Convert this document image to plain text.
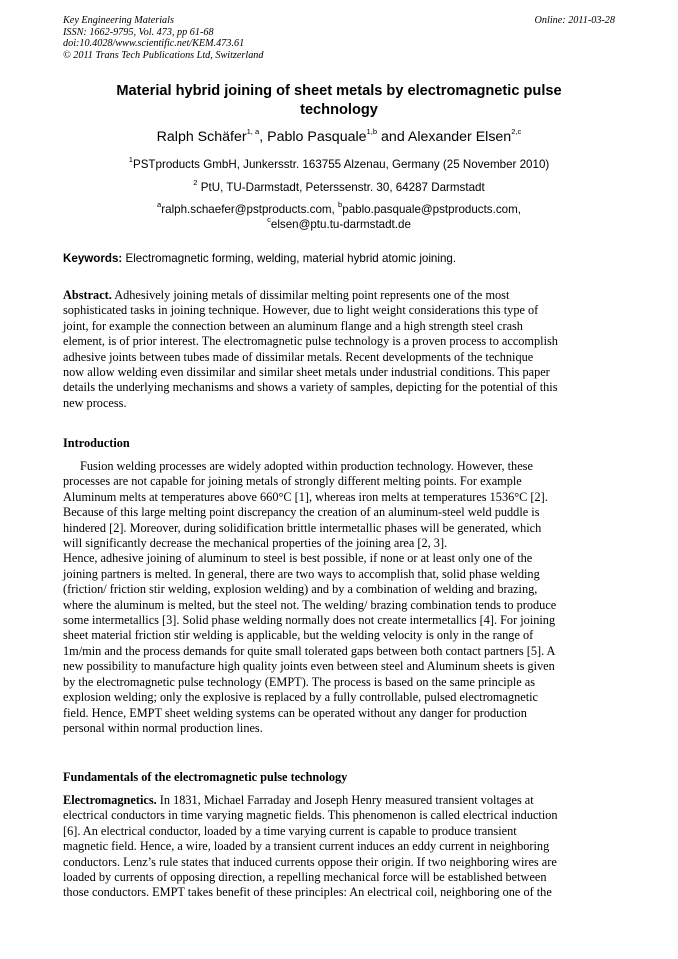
Key Engineering Materials	Online: 2011-03-28
ISSN: 1662-9795, Vol. 473, pp 61-68
doi:10.4028/www.scientific.net/KEM.473.61
© 2011 Trans Tech Publications Ltd, Switzerland
Material hybrid joining of sheet metals by electromagnetic pulse
technology
Ralph Schäfer$^{1, a}$, Pablo Pasquale$^{1,b}$ and Alexander Elsen$^{2,c}$
$^1$PSTproducts GmbH, Junkersstr. 163755 Alzenau, Germany (25 November 2010)
$^2$ PtU, TU-Darmstadt, Peterssenstr. 30, 64287 Darmstadt
$^a$ralph.schaefer@pstproducts.com, $^b$pablo.pasquale@pstproducts.com,
$^c$elsen@ptu.tu-darmstadt.de
Keywords: Electromagnetic forming, welding, material hybrid atomic joining.
Abstract. Adhesively joining metals of dissimilar melting point represents one of the most
sophisticated tasks in joining technique. However, due to light weight considerations this type of
joint, for example the connection between an aluminum flange and a high strength steel crash
element, is of prior interest. The electromagnetic pulse technology is a proven process to accomplish
adhesive joints between tubes made of dissimilar metals. Recent developments of the technique
now allow welding even dissimilar and similar sheet metals under industrial conditions. This paper
details the underlying mechanisms and shows a variety of samples, depicting for the potential of this
new process.
Introduction
Fusion welding processes are widely adopted within production technology. However, these
processes are not capable for joining metals of strongly different melting points. For example
Aluminum melts at temperatures above 660°C [1], whereas iron melts at temperatures 1536°C [2].
Because of this large melting point discrepancy the creation of an aluminum-steel weld puddle is
hindered [2]. Moreover, during solidification brittle intermetallic phases will be generated, which
will significantly decrease the mechanical properties of the joining area [2, 3].
Hence, adhesive joining of aluminum to steel is best possible, if none or at least only one of the
joining partners is melted. In general, there are two ways to accomplish that, solid phase welding
(friction/ friction stir welding, explosion welding) and by a combination of welding and brazing,
where the aluminum is melted, but the steel not. The welding/ brazing combination tends to produce
some intermetallics [3]. Solid phase welding normally does not create intermetallics [4]. For joining
sheet material friction stir welding is applicable, but the welding velocity is only in the range of
1m/min and the process demands for quite small tolerated gaps between both contact partners [5]. A
new possibility to manufacture high quality joints even between steel and Aluminum sheets is given
by the electromagnetic pulse technology (EMPT). The process is based on the same principle as
explosion welding; only the explosive is replaced by a fully controllable, pulsed electromagnetic
field. Hence, EMPT sheet welding systems can be operated without any danger for production
personal within normal production lines.
Fundamentals of the electromagnetic pulse technology
Electromagnetics. In 1831, Michael Farraday and Joseph Henry measured transient voltages at
electrical conductors in time varying magnetic fields. This phenomenon is called electrical induction
[6]. An electrical conductor, loaded by a time varying current is capable to produce transient
magnetic field. Hence, a wire, loaded by a transient current induces an eddy current in neighboring
conductors. Lenz’s rule states that induced currents oppose their origin. If two neighboring wires are
loaded by currents of opposing direction, a repelling mechanical force will be established between
those conductors. EMPT takes benefit of these principles: An electrical coil, neighboring one of the
